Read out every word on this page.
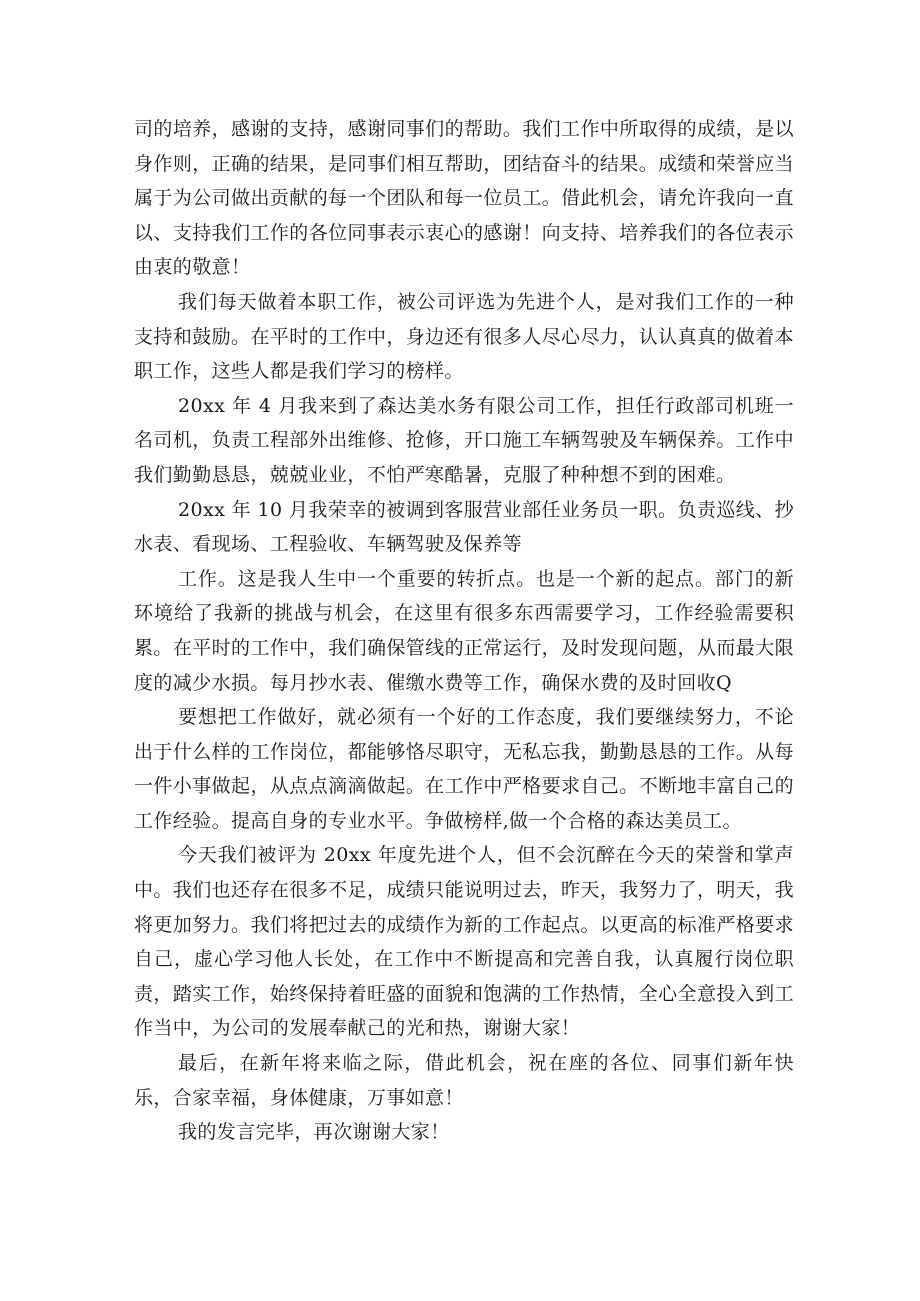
司的培养，感谢的支持，感谢同事们的帮助。我们工作中所取得的成绩，是以身作则，正确的结果，是同事们相互帮助，团结奋斗的结果。成绩和荣誉应当属于为公司做出贡献的每一个团队和每一位员工。借此机会，请允许我向一直以、支持我们工作的各位同事表示衷心的感谢！向支持、培养我们的各位表示由衷的敬意！

我们每天做着本职工作，被公司评选为先进个人，是对我们工作的一种支持和鼓励。在平时的工作中，身边还有很多人尽心尽力，认认真真的做着本职工作，这些人都是我们学习的榜样。

20xx 年 4 月我来到了森达美水务有限公司工作，担任行政部司机班一名司机，负责工程部外出维修、抢修，开口施工车辆驾驶及车辆保养。工作中我们勤勤恳恳，兢兢业业，不怕严寒酷暑，克服了种种想不到的困难。

20xx 年 10 月我荣幸的被调到客服营业部任业务员一职。负责巡线、抄水表、看现场、工程验收、车辆驾驶及保养等

工作。这是我人生中一个重要的转折点。也是一个新的起点。部门的新环境给了我新的挑战与机会，在这里有很多东西需要学习，工作经验需要积累。在平时的工作中，我们确保管线的正常运行，及时发现问题，从而最大限度的减少水损。每月抄水表、催缴水费等工作，确保水费的及时回收Q

要想把工作做好，就必须有一个好的工作态度，我们要继续努力，不论出于什么样的工作岗位，都能够恪尽职守，无私忘我，勤勤恳恳的工作。从每一件小事做起，从点点滴滴做起。在工作中严格要求自己。不断地丰富自己的工作经验。提高自身的专业水平。争做榜样,做一个合格的森达美员工。

今天我们被评为 20xx 年度先进个人，但不会沉醉在今天的荣誉和掌声中。我们也还存在很多不足，成绩只能说明过去，昨天，我努力了，明天，我将更加努力。我们将把过去的成绩作为新的工作起点。以更高的标准严格要求自己，虚心学习他人长处，在工作中不断提高和完善自我，认真履行岗位职责，踏实工作，始终保持着旺盛的面貌和饱满的工作热情，全心全意投入到工作当中，为公司的发展奉献己的光和热，谢谢大家！

最后，在新年将来临之际，借此机会，祝在座的各位、同事们新年快乐，合家幸福，身体健康，万事如意！

我的发言完毕，再次谢谢大家！
